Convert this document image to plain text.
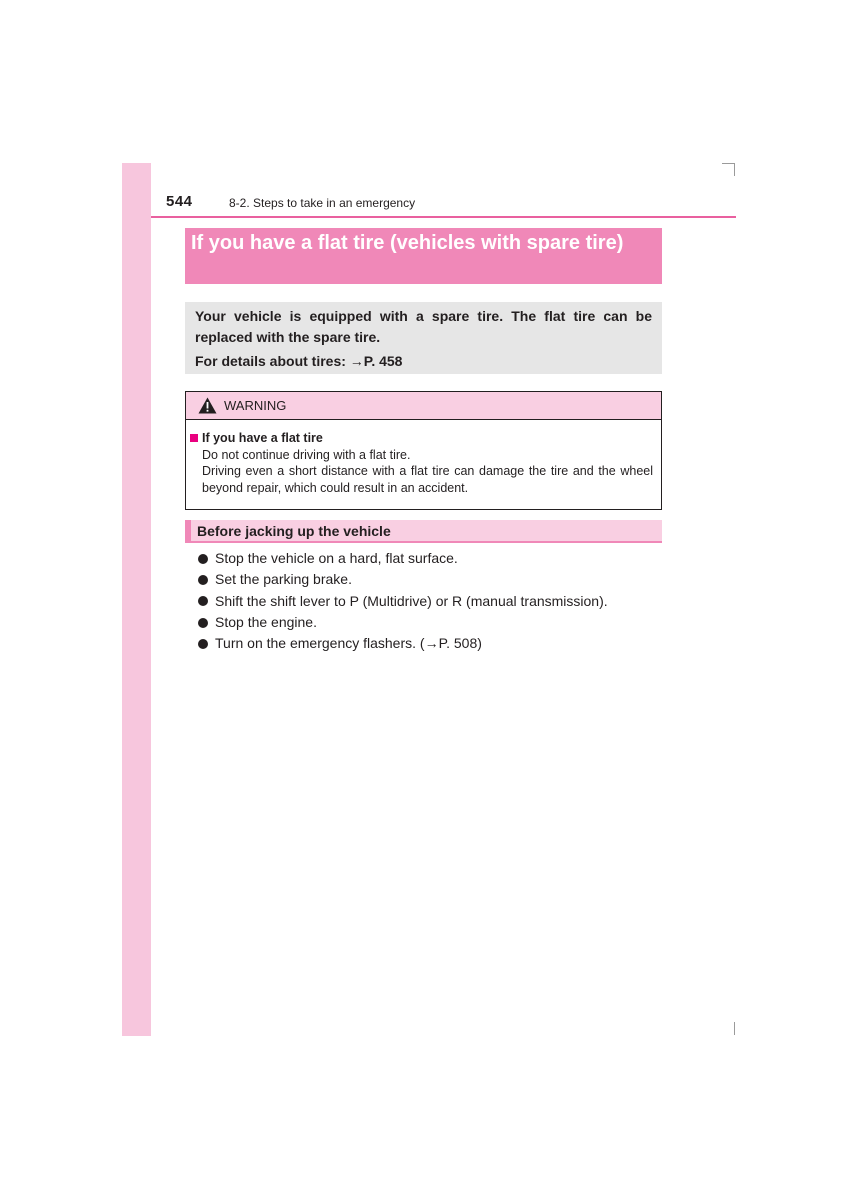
544	8-2. Steps to take in an emergency
If you have a flat tire (vehicles with spare tire)
Your vehicle is equipped with a spare tire. The flat tire can be replaced with the spare tire.
For details about tires: →P. 458
WARNING
If you have a flat tire
Do not continue driving with a flat tire.
Driving even a short distance with a flat tire can damage the tire and the wheel beyond repair, which could result in an accident.
Before jacking up the vehicle
Stop the vehicle on a hard, flat surface.
Set the parking brake.
Shift the shift lever to P (Multidrive) or R (manual transmission).
Stop the engine.
Turn on the emergency flashers. (→P. 508)
